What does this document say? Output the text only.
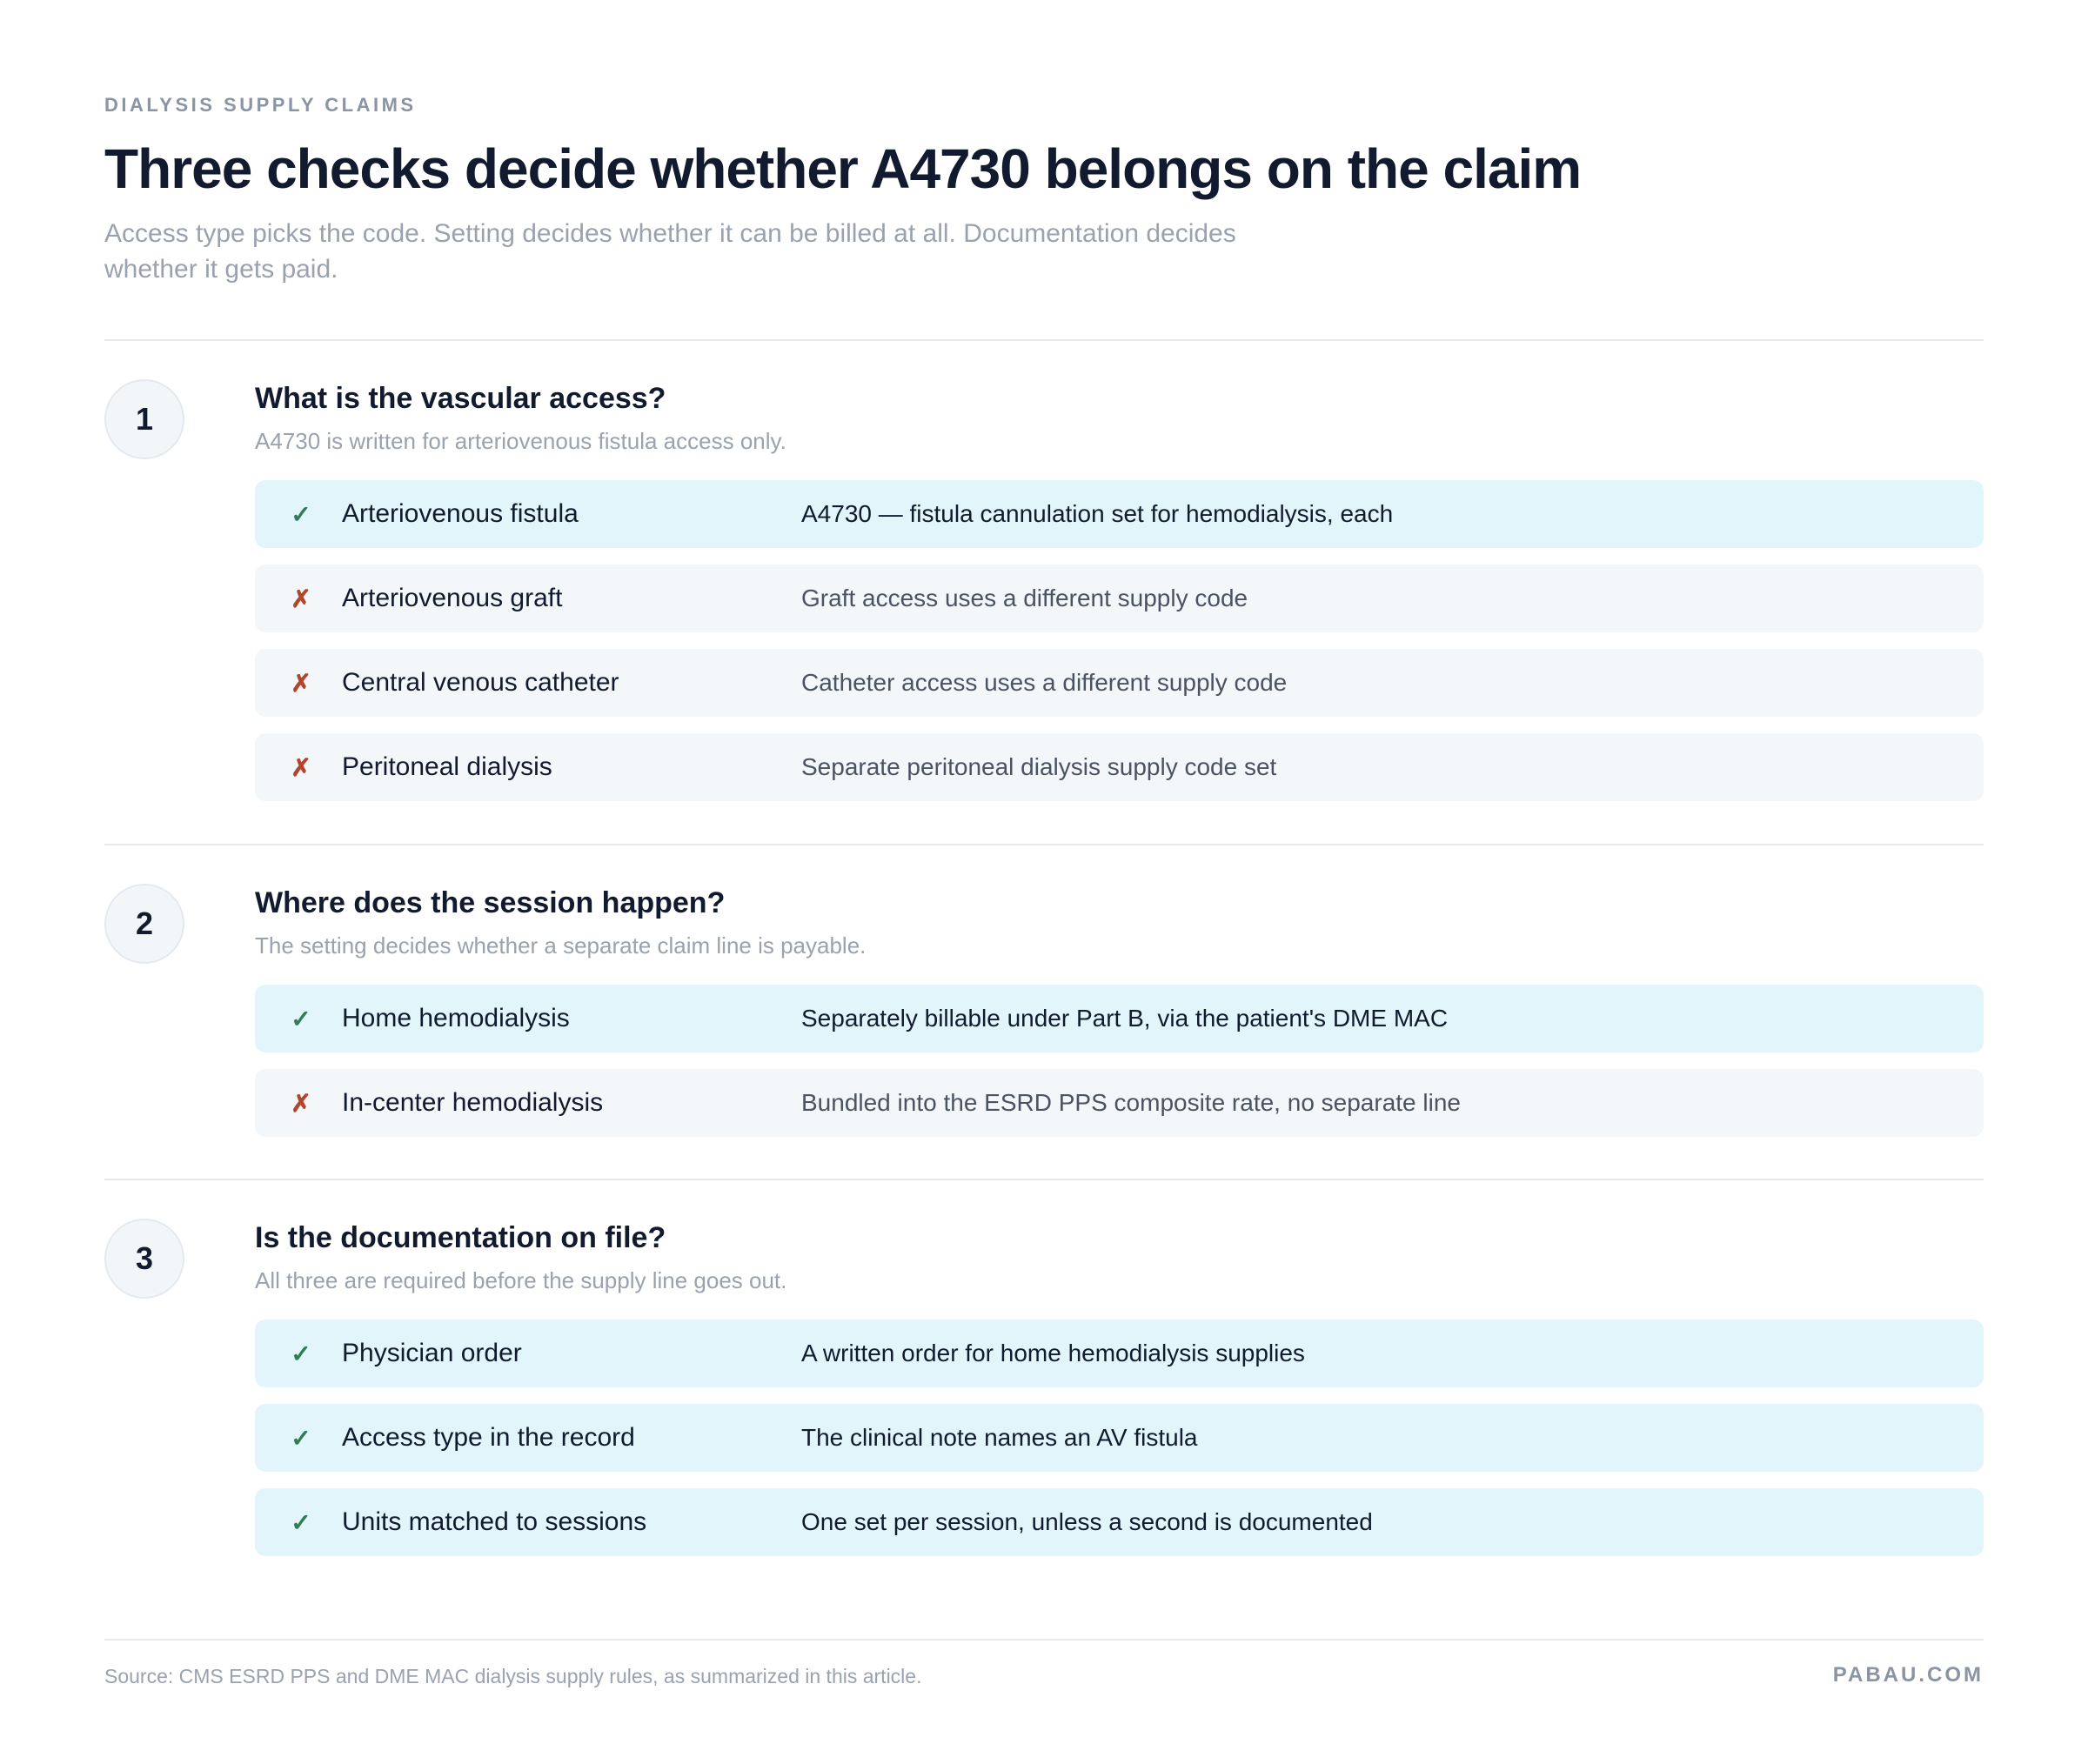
DIALYSIS SUPPLY CLAIMS
Three checks decide whether A4730 belongs on the claim

Access type picks the code. Setting decides whether it can be billed at all. Documentation decides whether it gets paid.

1
What is the vascular access?
A4730 is written for arteriovenous fistula access only.
✓ Arteriovenous fistula	A4730 — fistula cannulation set for hemodialysis, each
✗ Arteriovenous graft	Graft access uses a different supply code
✗ Central venous catheter	Catheter access uses a different supply code
✗ Peritoneal dialysis	Separate peritoneal dialysis supply code set
2
Where does the session happen?
The setting decides whether a separate claim line is payable.
✓ Home hemodialysis	Separately billable under Part B, via the patient's DME MAC
✗ In-center hemodialysis	Bundled into the ESRD PPS composite rate, no separate line
3
Is the documentation on file?
All three are required before the supply line goes out.
✓ Physician order	A written order for home hemodialysis supplies
✓ Access type in the record	The clinical note names an AV fistula
✓ Units matched to sessions	One set per session, unless a second is documented
Source: CMS ESRD PPS and DME MAC dialysis supply rules, as summarized in this article.	PABAU.COM
